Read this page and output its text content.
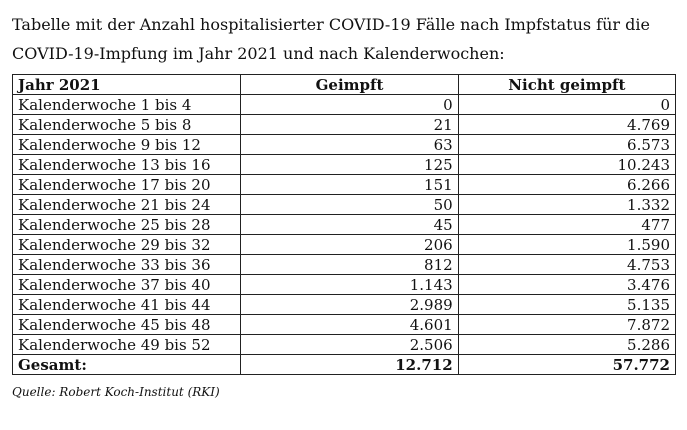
Tabelle mit der Anzahl hospitalisierter COVID-19 Fälle nach Impfstatus für die COVID-19-Impfung im Jahr 2021 und nach Kalenderwochen:

Jahr 2021	Geimpft	Nicht geimpft
Kalenderwoche 1 bis 4	0	0
Kalenderwoche 5 bis 8	21	4.769
Kalenderwoche 9 bis 12	63	6.573
Kalenderwoche 13 bis 16	125	10.243
Kalenderwoche 17 bis 20	151	6.266
Kalenderwoche 21 bis 24	50	1.332
Kalenderwoche 25 bis 28	45	477
Kalenderwoche 29 bis 32	206	1.590
Kalenderwoche 33 bis 36	812	4.753
Kalenderwoche 37 bis 40	1.143	3.476
Kalenderwoche 41 bis 44	2.989	5.135
Kalenderwoche 45 bis 48	4.601	7.872
Kalenderwoche 49 bis 52	2.506	5.286
Gesamt:	12.712	57.772

Quelle: Robert Koch-Institut (RKI)
